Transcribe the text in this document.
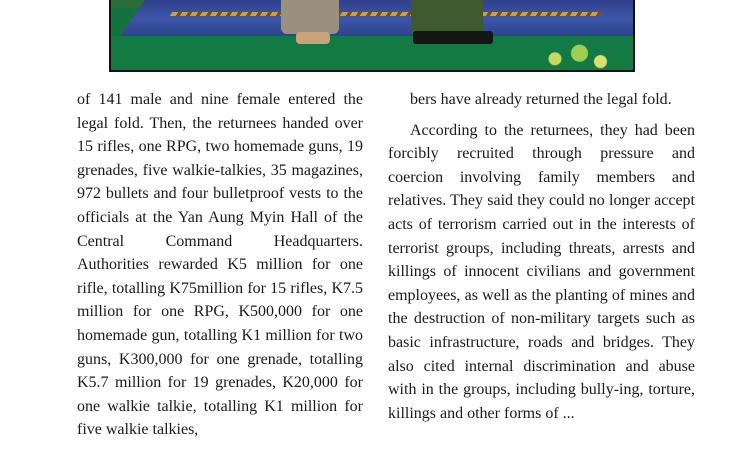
of 141 male and nine female entered the legal fold. Then, the returnees handed over 15 rifles, one RPG, two homemade guns, 19 grenades, five walkie-talkies, 35 magazines, 972 bullets and four bulletproof vests to the officials at the Yan Aung Myin Hall of the Central Command Headquarters. Authorities rewarded K5 million for one rifle, totalling K75million for 15 rifles, K7.5 million for one RPG, K500,000 for one homemade gun, totalling K1 million for two guns, K300,000 for one grenade, totalling K5.7 million for 19 grenades, K20,000 for one walkie talkie, totalling K1 million for five walkie talkies,

bers have already returned the legal fold.

According to the returnees, they had been forcibly recruited through pressure and coercion involving family members and relatives. They said they could no longer accept acts of terrorism carried out in the interests of terrorist groups, including threats, arrests and killings of innocent civilians and government employees, as well as the planting of mines and the destruction of non-military targets such as basic infrastructure, roads and bridges. They also cited internal discrimination and abuse with in the groups, including bully-ing, torture, killings and other forms of ...
